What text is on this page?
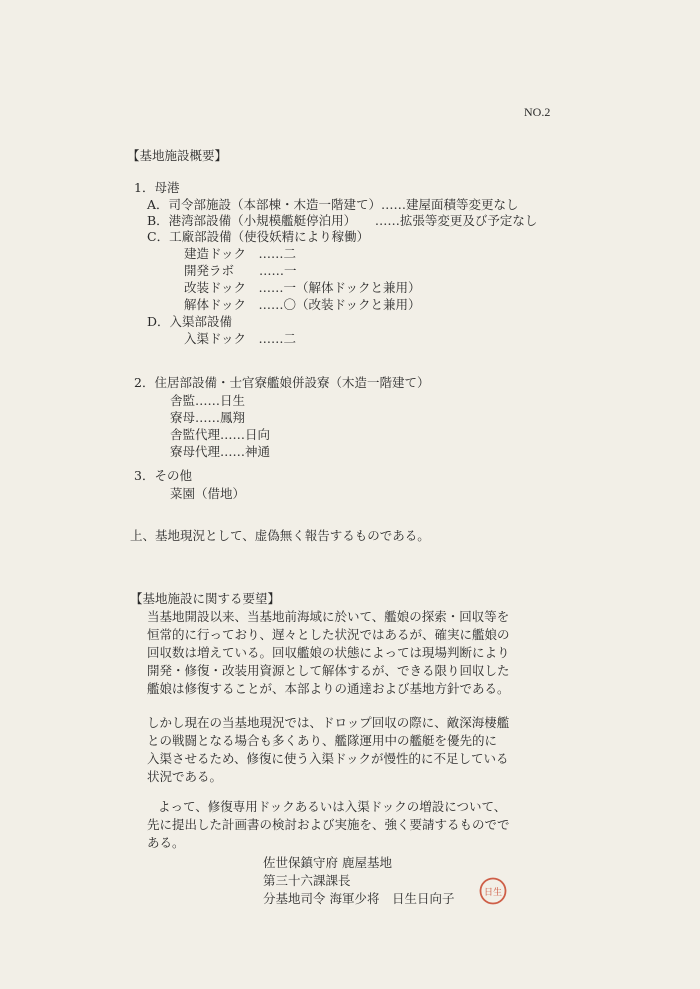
NO.2
【基地施設概要】
1．母港
A．司令部施設（本部棟・木造一階建て）……建屋面積等変更なし
B．港湾部設備（小規模艦艇停泊用）　　……拡張等変更及び予定なし
C．工廠部設備（使役妖精により稼働）
建造ドック　……二
開発ラボ　　……一
改装ドック　……一（解体ドックと兼用）
解体ドック　……〇（改装ドックと兼用）
D．入渠部設備
入渠ドック　……二
2．住居部設備・士官寮艦娘併設寮（木造一階建て）
舎監……日生
寮母……鳳翔
舎監代理……日向
寮母代理……神通
3．その他
菜園（借地）
上、基地現況として、虚偽無く報告するものである。
【基地施設に関する要望】
当基地開設以来、当基地前海域に於いて、艦娘の探索・回収等を
恒常的に行っており、遅々とした状況ではあるが、確実に艦娘の
回収数は増えている。回収艦娘の状態によっては現場判断により
開発・修復・改装用資源として解体するが、できる限り回収した
艦娘は修復することが、本部よりの通達および基地方針である。
しかし現在の当基地現況では、ドロップ回収の際に、敵深海棲艦
との戦闘となる場合も多くあり、艦隊運用中の艦艇を優先的に
入渠させるため、修復に使う入渠ドックが慢性的に不足している
状況である。
よって、修復専用ドックあるいは入渠ドックの増設について、
先に提出した計画書の検討および実施を、強く要請するものでで
ある。
佐世保鎮守府 鹿屋基地
第三十六課課長
分基地司令 海軍少将　日生日向子	日生
